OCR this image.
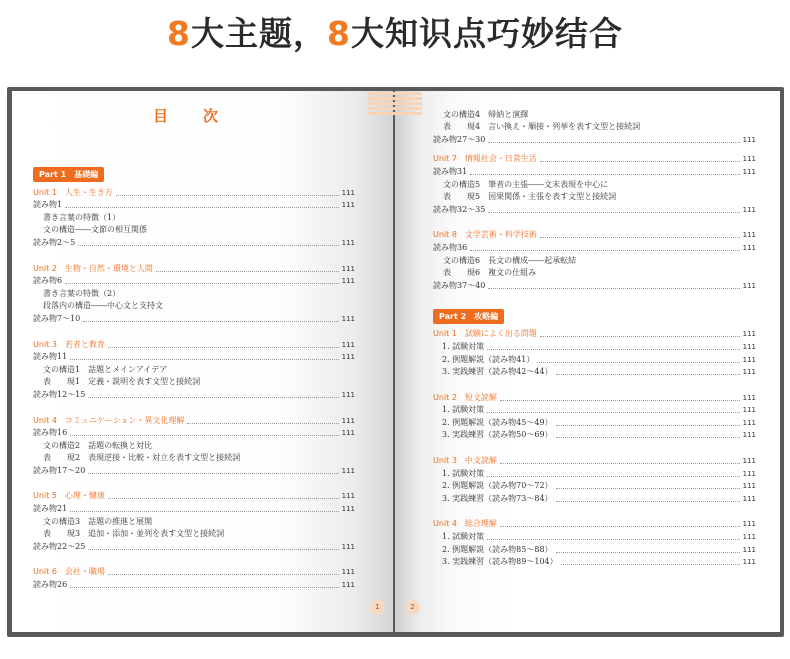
8大主题，8大知识点巧妙结合
目　次
Part 1　基礎編
Unit 1　人生・生き方	111
読み物1	111
書き言葉の特徴（1）
文の構造――文節の相互関係
読み物2～5	111
Unit 2　生物・自然・環境と人間	111
読み物6	111
書き言葉の特徴（2）
段落内の構造――中心文と支持文
読み物7～10	111
Unit 3　若者と教育	111
読み物11	111
文の構造1　話題とメインアイデア
表　　現1　定義・説明を表す文型と接続詞
読み物12～15	111
Unit 4　コミュニケーション・異文化理解	111
読み物16	111
文の構造2　話題の転換と対比
表　　現2　表現逆接・比較・対立を表す文型と接続詞
読み物17～20	111
Unit 5　心理・健康	111
読み物21	111
文の構造3　話題の推進と展開
表　　現3　追加・添加・並列を表す文型と接続詞
読み物22～25	111
Unit 6　会社・職場	111
読み物26	111
文の構造4　帰納と演繹
表　　現4　言い換え・順接・列挙を表す文型と接続詞
読み物27～30	111
Unit 7　情報社会・日常生活	111
読み物31	111
文の構造5　筆者の主張――文末表現を中心に
表　　現5　因果関係・主張を表す文型と接続詞
読み物32～35	111
Unit 8　文学芸術・科学技術	111
読み物36	111
文の構造6　長文の構成――起承転結
表　　現6　複文の仕組み
読み物37～40	111
Part 2　攻略編
Unit 1　試験によく出る問題	111
1. 試験対策	111
2. 例題解説（読み物41）	111
3. 実践練習（読み物42～44）	111
Unit 2　短文読解	111
1. 試験対策	111
2. 例題解説（読み物45～49）	111
3. 実践練習（読み物50～69）	111
Unit 3　中文読解	111
1. 試験対策	111
2. 例題解説（読み物70～72）	111
3. 実践練習（読み物73～84）	111
Unit 4　総合理解	111
1. 試験対策	111
2. 例題解説（読み物85～88）	111
3. 実践練習（読み物89～104）	111
1	2
